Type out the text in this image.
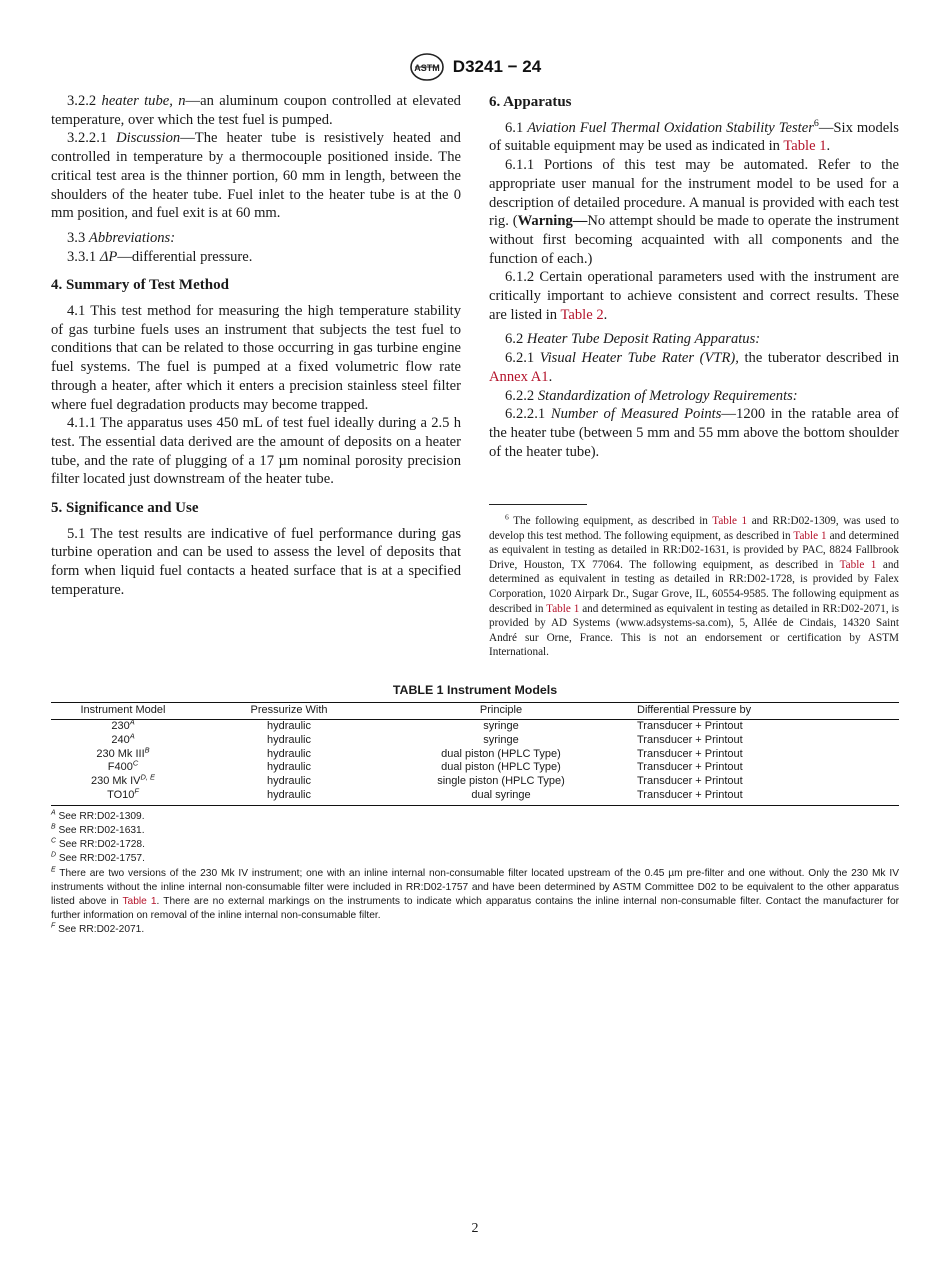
ASTM D3241 − 24

3.2.2 heater tube, n—an aluminum coupon controlled at elevated temperature, over which the test fuel is pumped.

3.2.2.1 Discussion—The heater tube is resistively heated and controlled in temperature by a thermocouple positioned inside. The critical test area is the thinner portion, 60 mm in length, between the shoulders of the heater tube. Fuel inlet to the heater tube is at the 0 mm position, and fuel exit is at 60 mm.

3.3 Abbreviations:

3.3.1 ΔP—differential pressure.

4. Summary of Test Method

4.1 This test method for measuring the high temperature stability of gas turbine fuels uses an instrument that subjects the test fuel to conditions that can be related to those occurring in gas turbine engine fuel systems. The fuel is pumped at a fixed volumetric flow rate through a heater, after which it enters a precision stainless steel filter where fuel degradation products may become trapped.

4.1.1 The apparatus uses 450 mL of test fuel ideally during a 2.5 h test. The essential data derived are the amount of deposits on a heater tube, and the rate of plugging of a 17 µm nominal porosity precision filter located just downstream of the heater tube.

5. Significance and Use

5.1 The test results are indicative of fuel performance during gas turbine operation and can be used to assess the level of deposits that form when liquid fuel contacts a heated surface that is at a specified temperature.

6. Apparatus

6.1 Aviation Fuel Thermal Oxidation Stability Tester$^6$—Six models of suitable equipment may be used as indicated in Table 1.

6.1.1 Portions of this test may be automated. Refer to the appropriate user manual for the instrument model to be used for a description of detailed procedure. A manual is provided with each test rig. (Warning—No attempt should be made to operate the instrument without first becoming acquainted with all components and the function of each.)

6.1.2 Certain operational parameters used with the instrument are critically important to achieve consistent and correct results. These are listed in Table 2.

6.2 Heater Tube Deposit Rating Apparatus:

6.2.1 Visual Heater Tube Rater (VTR), the tuberator described in Annex A1.

6.2.2 Standardization of Metrology Requirements:

6.2.2.1 Number of Measured Points—1200 in the ratable area of the heater tube (between 5 mm and 55 mm above the bottom shoulder of the heater tube).

$^6$ The following equipment, as described in Table 1 and RR:D02-1309, was used to develop this test method. The following equipment, as described in Table 1 and determined as equivalent in testing as detailed in RR:D02-1631, is provided by PAC, 8824 Fallbrook Drive, Houston, TX 77064. The following equipment, as described in Table 1 and determined as equivalent in testing as detailed in RR:D02-1728, is provided by Falex Corporation, 1020 Airpark Dr., Sugar Grove, IL, 60554-9585. The following equipment as described in Table 1 and determined as equivalent in testing as detailed in RR:D02-2071, is provided by AD Systems (www.adsystems-sa.com), 5, Allée de Cindais, 14320 Saint André sur Orne, France. This is not an endorsement or certification by ASTM International.

TABLE 1 Instrument Models
Instrument Model	Pressurize With	Principle	Differential Pressure by
$230^A$	hydraulic	syringe	Transducer + Printout
$240^A$	hydraulic	syringe	Transducer + Printout
230 Mk $III^B$	hydraulic	dual piston (HPLC Type)	Transducer + Printout
$F400^C$	hydraulic	dual piston (HPLC Type)	Transducer + Printout
230 Mk $IV^{D, E}$	hydraulic	single piston (HPLC Type)	Transducer + Printout
$TO10^F$	hydraulic	dual syringe	Transducer + Printout
$^A$ See RR:D02-1309.
$^B$ See RR:D02-1631.
$^C$ See RR:D02-1728.
$^D$ See RR:D02-1757.
$^E$ There are two versions of the 230 Mk IV instrument; one with an inline internal non-consumable filter located upstream of the 0.45 µm pre-filter and one without. Only the 230 Mk IV instruments without the inline internal non-consumable filter were included in RR:D02-1757 and have been determined by ASTM Committee D02 to be equivalent to the other apparatus listed above in Table 1. There are no external markings on the instruments to indicate which apparatus contains the inline internal non-consumable filter. Contact the manufacturer for further information on removal of the inline internal non-consumable filter.
$^F$ See RR:D02-2071.
2
